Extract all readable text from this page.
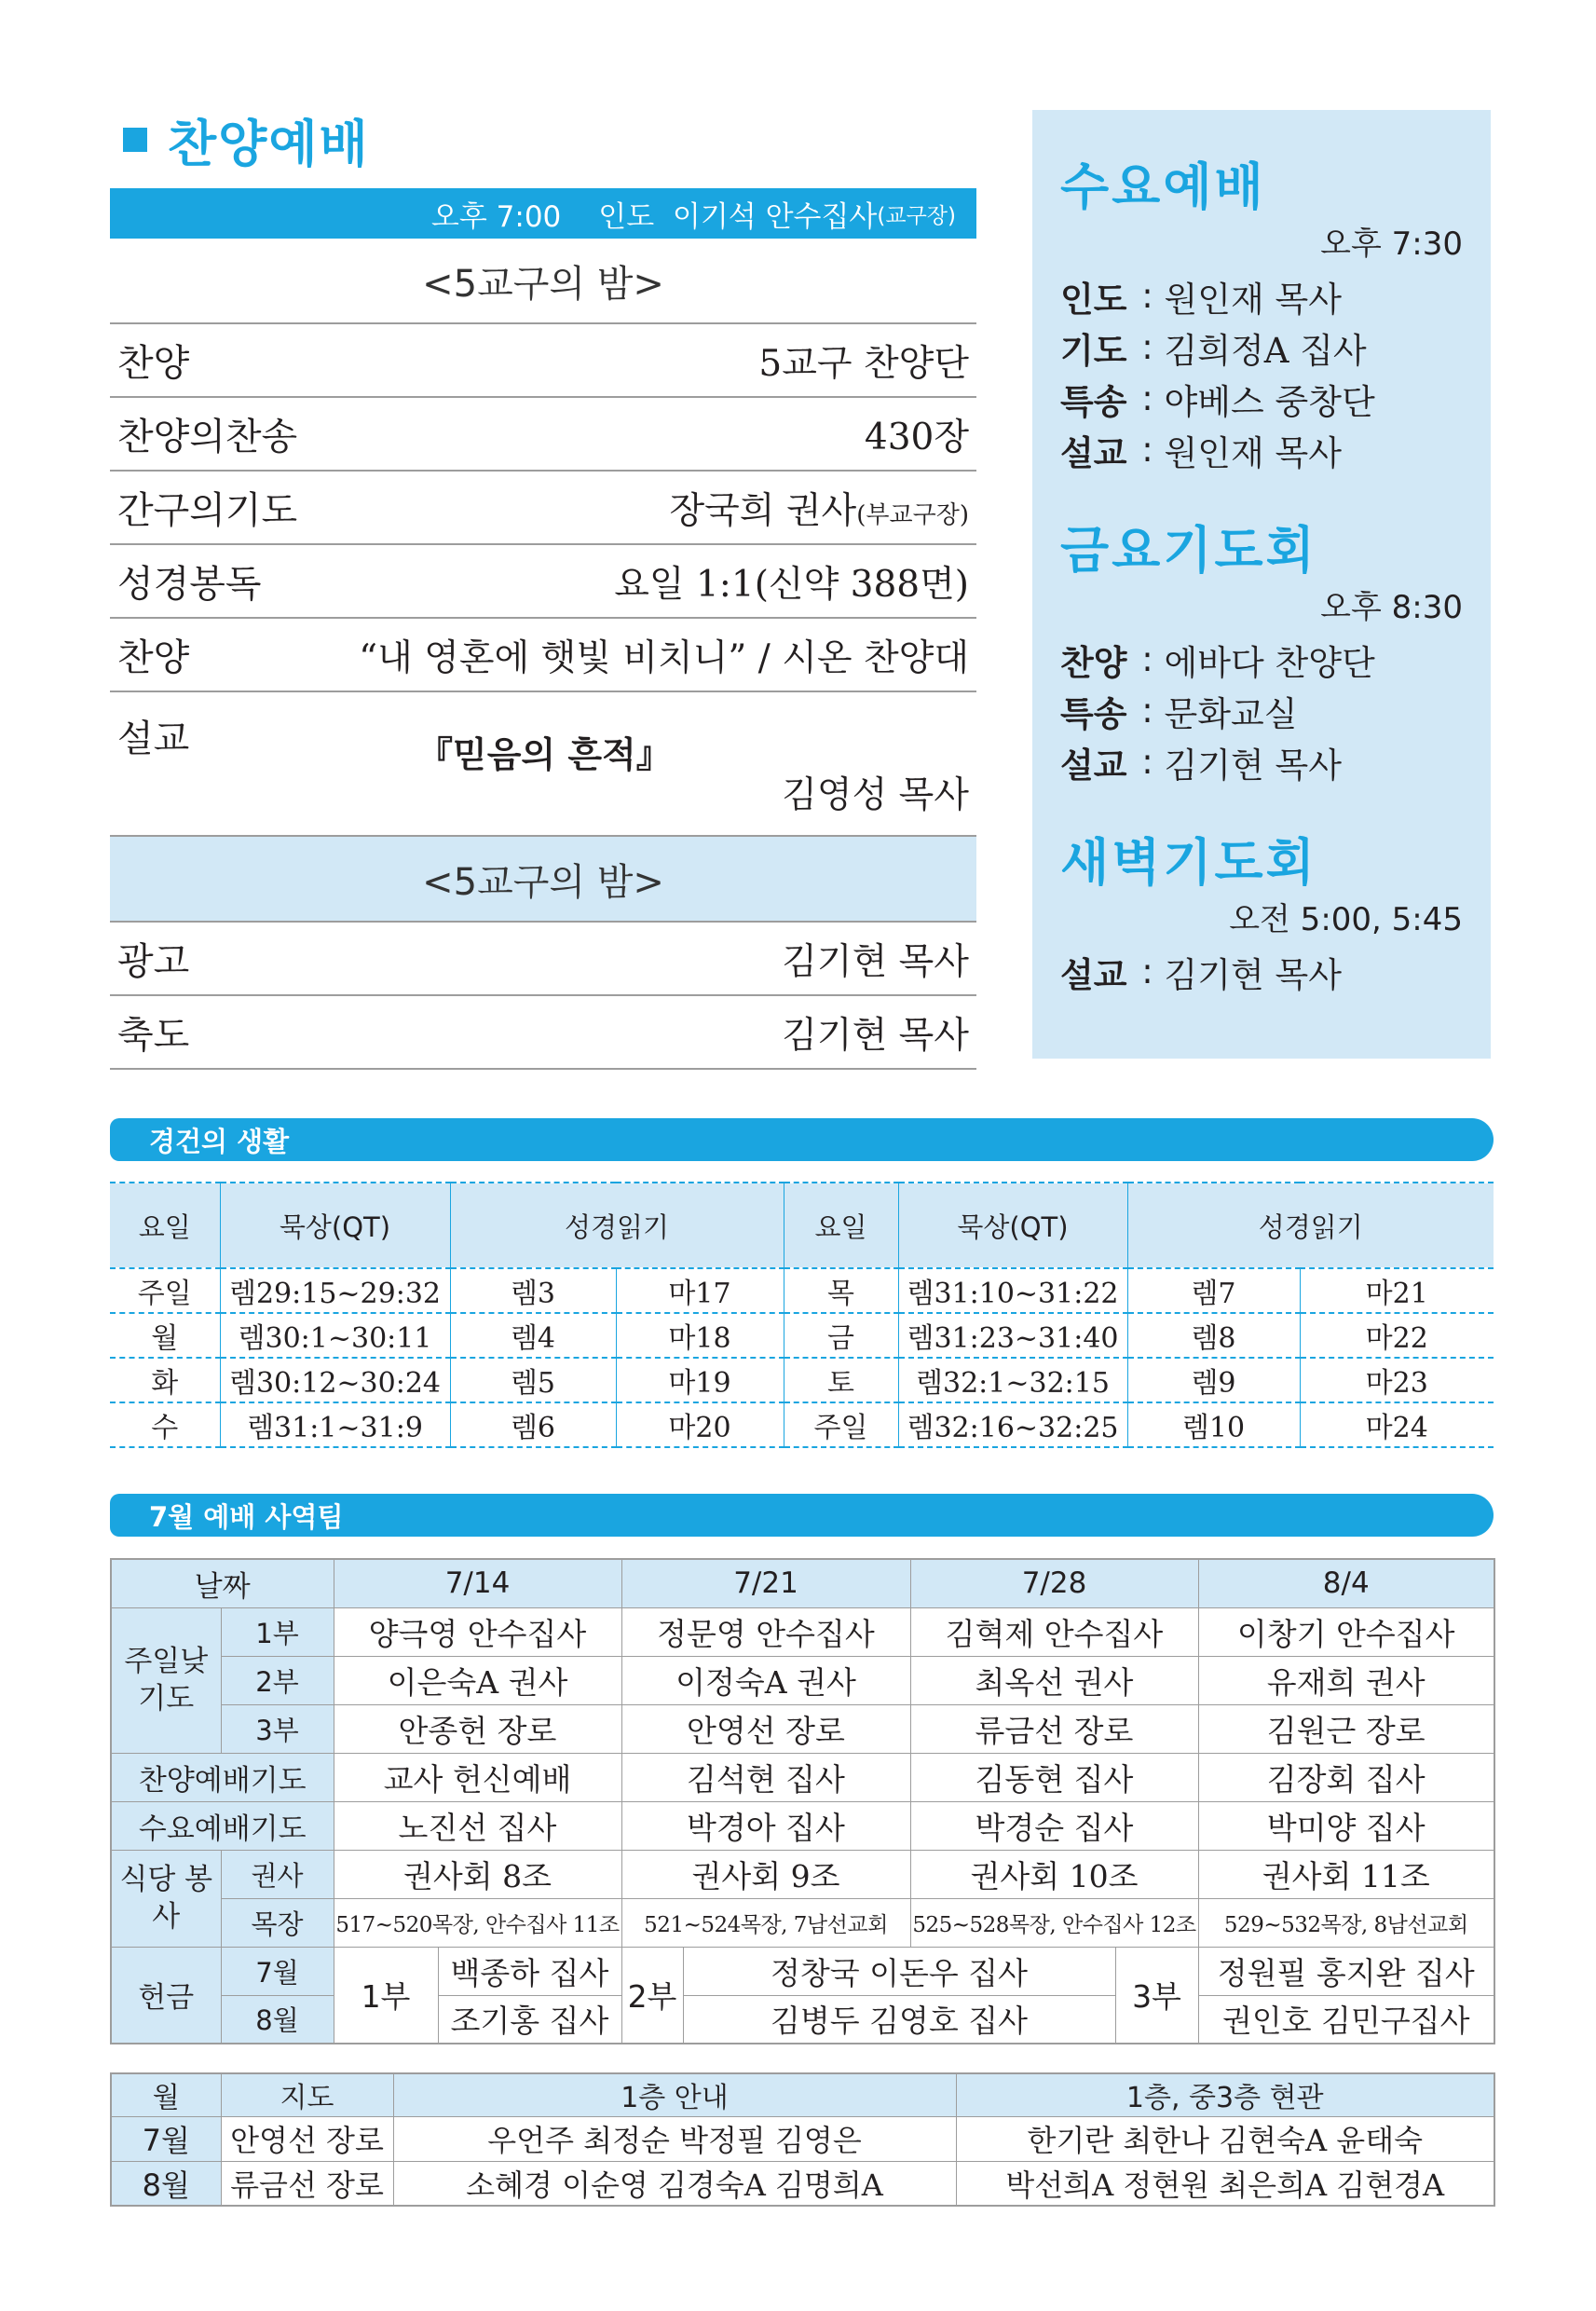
찬양예배
오후 7:00 인도
이기석 안수집사 (교구장)
<5교구의 밤>
찬양	5교구 찬양단
찬양의찬송	430장
간구의기도	장국희 권사(부교구장)
성경봉독	요일 1:1(신약 388면)
찬양	“내 영혼에 햇빛 비치니” / 시온 찬양대
설교	『믿음의 흔적』
김영성 목사
<5교구의 밤>
광고	김기현 목사
축도	김기현 목사
수요예배
오후 7:30
인도 : 원인재 목사
기도 : 김희정A 집사
특송 : 야베스 중창단
설교 : 원인재 목사
금요기도회
오후 8:30
찬양 : 에바다 찬양단
특송 : 문화교실
설교 : 김기현 목사
새벽기도회
오전 5:00, 5:45
설교 : 김기현 목사
경건의 생활
요일	묵상(QT)	성경읽기		요일	묵상(QT)	성경읽기	
주일	렘29:15~29:32	렘3	마17	목	렘31:10~31:22	렘7	마21
월	렘30:1~30:11	렘4	마18	금	렘31:23~31:40	렘8	마22
화	렘30:12~30:24	렘5	마19	토	렘32:1~32:15	렘9	마23
수	렘31:1~31:9	렘6	마20	주일	렘32:16~32:25	렘10	마24
7월 예배 사역팀
날짜		7/14		7/21		7/28		8/4
주일낮 기도	1부	양극영 안수집사		정문영 안수집사		김혁제 안수집사		이창기 안수집사
	2부	이은숙A 권사		이정숙A 권사		최옥선 권사		유재희 권사
	3부	안종헌 장로		안영선 장로		류금선 장로		김원근 장로
찬양예배기도		교사 헌신예배		김석현 집사		김동현 집사		김장회 집사
수요예배기도		노진선 집사		박경아 집사		박경순 집사		박미양 집사
식당 봉사	권사	권사회 8조		권사회 9조		권사회 10조		권사회 11조
	목장	517~520목장, 안수집사 11조		521~524목장, 7남선교회		525~528목장, 안수집사 12조		529~532목장, 8남선교회
헌금	7월	1부	백종하 집사	2부	정창국 이돈우 집사		3부	정원필 홍지완 집사
	8월		조기홍 집사		김병두 김영호 집사			권인호 김민구집사
월	지도	1층 안내	1층, 중3층 현관
7월	안영선 장로	우언주 최정순 박정필 김영은	한기란 최한나 김현숙A 윤태숙
8월	류금선 장로	소혜경 이순영 김경숙A 김명희A	박선희A 정현원 최은희A 김현경A
